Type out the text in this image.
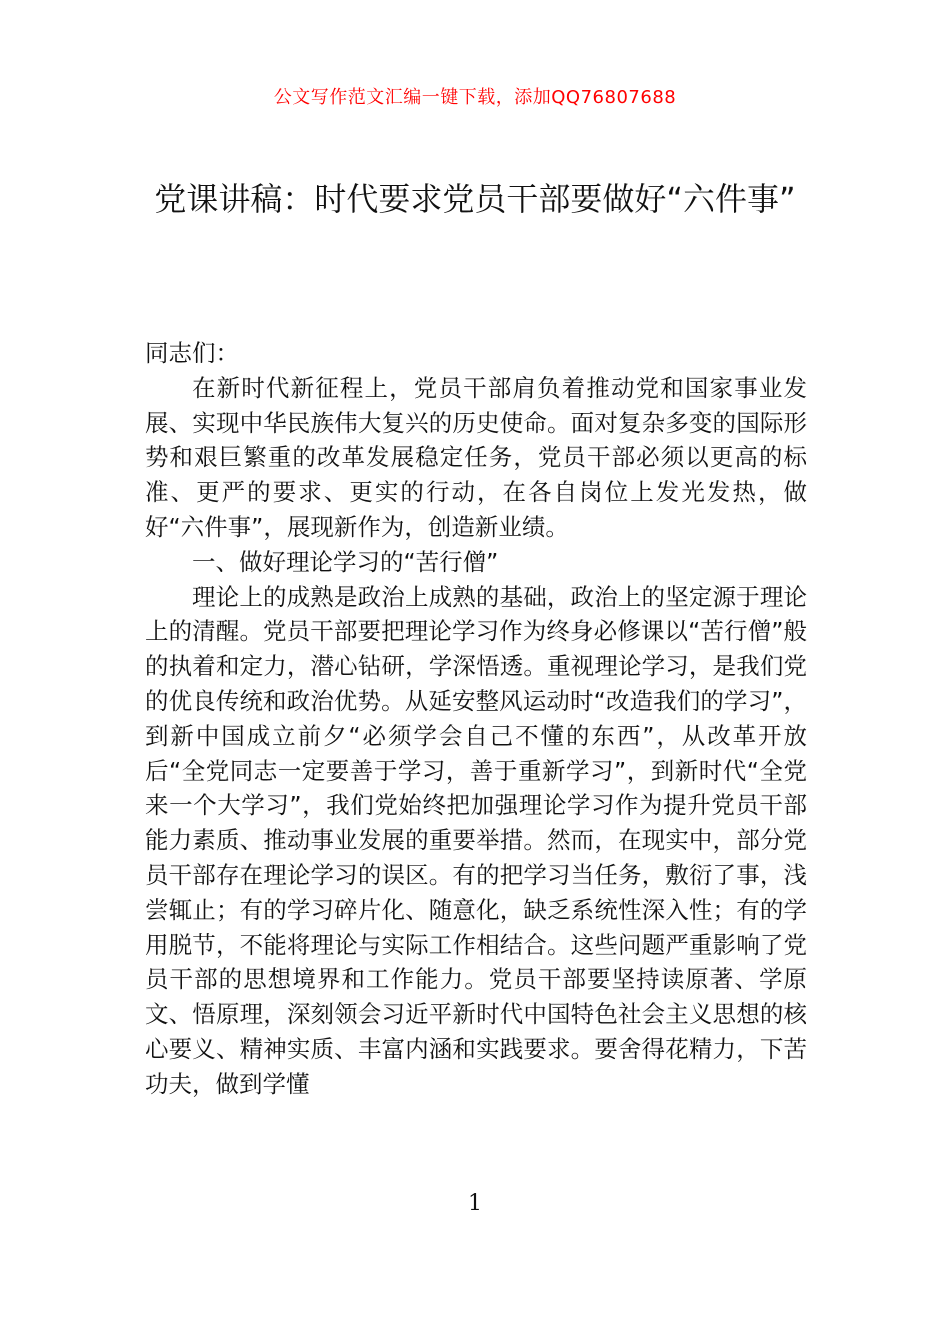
公文写作范文汇编一键下载，添加QQ76807688
党课讲稿：时代要求党员干部要做好“六件事”

同志们：

在新时代新征程上，党员干部肩负着推动党和国家事业发展、实现中华民族伟大复兴的历史使命。面对复杂多变的国际形势和艰巨繁重的改革发展稳定任务，党员干部必须以更高的标准、更严的要求、更实的行动，在各自岗位上发光发热，做好“六件事”，展现新作为，创造新业绩。

一、做好理论学习的“苦行僧”

理论上的成熟是政治上成熟的基础，政治上的坚定源于理论上的清醒。党员干部要把理论学习作为终身必修课以“苦行僧”般的执着和定力，潜心钻研，学深悟透。重视理论学习，是我们党的优良传统和政治优势。从延安整风运动时“改造我们的学习”，到新中国成立前夕“必须学会自己不懂的东西”，从改革开放后“全党同志一定要善于学习，善于重新学习”，到新时代“全党来一个大学习”，我们党始终把加强理论学习作为提升党员干部能力素质、推动事业发展的重要举措。然而，在现实中，部分党员干部存在理论学习的误区。有的把学习当任务，敷衍了事，浅尝辄止；有的学习碎片化、随意化，缺乏系统性深入性；有的学用脱节，不能将理论与实际工作相结合。这些问题严重影响了党员干部的思想境界和工作能力。党员干部要坚持读原著、学原文、悟原理，深刻领会习近平新时代中国特色社会主义思想的核心要义、精神实质、丰富内涵和实践要求。要舍得花精力，下苦功夫，做到学懂

1
